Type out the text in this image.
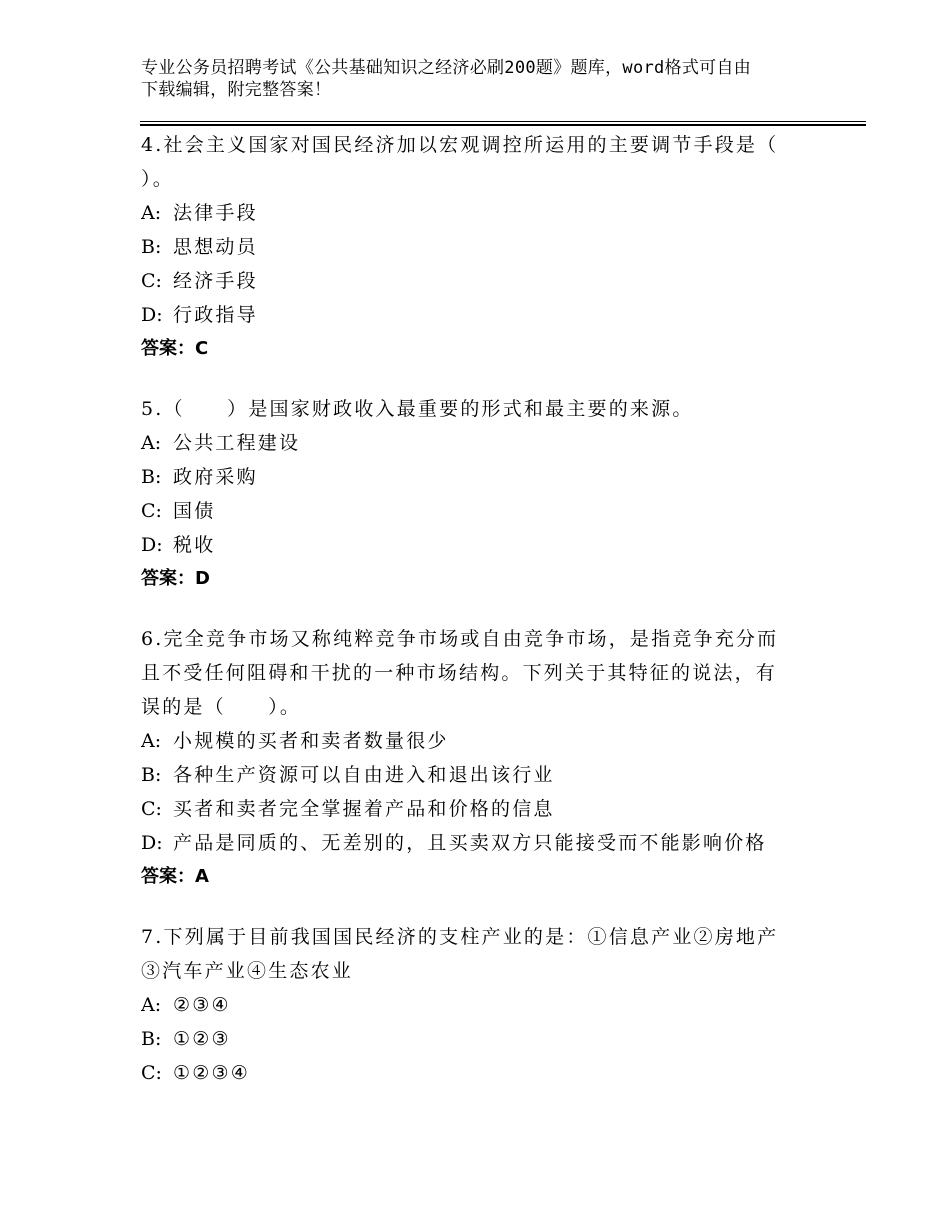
专业公务员招聘考试《公共基础知识之经济必刷200题》题库，word格式可自由
下载编辑，附完整答案！
4.社会主义国家对国民经济加以宏观调控所运用的主要调节手段是（
）。
A: 法律手段
B: 思想动员
C: 经济手段
D: 行政指导
答案：C
5.（　　）是国家财政收入最重要的形式和最主要的来源。
A: 公共工程建设
B: 政府采购
C: 国债
D: 税收
答案：D
6.完全竞争市场又称纯粹竞争市场或自由竞争市场，是指竞争充分而
且不受任何阻碍和干扰的一种市场结构。下列关于其特征的说法，有
误的是（　　）。
A: 小规模的买者和卖者数量很少
B: 各种生产资源可以自由进入和退出该行业
C: 买者和卖者完全掌握着产品和价格的信息
D: 产品是同质的、无差别的，且买卖双方只能接受而不能影响价格
答案：A
7.下列属于目前我国国民经济的支柱产业的是：①信息产业②房地产
③汽车产业④生态农业
A: ②③④
B: ①②③
C: ①②③④
